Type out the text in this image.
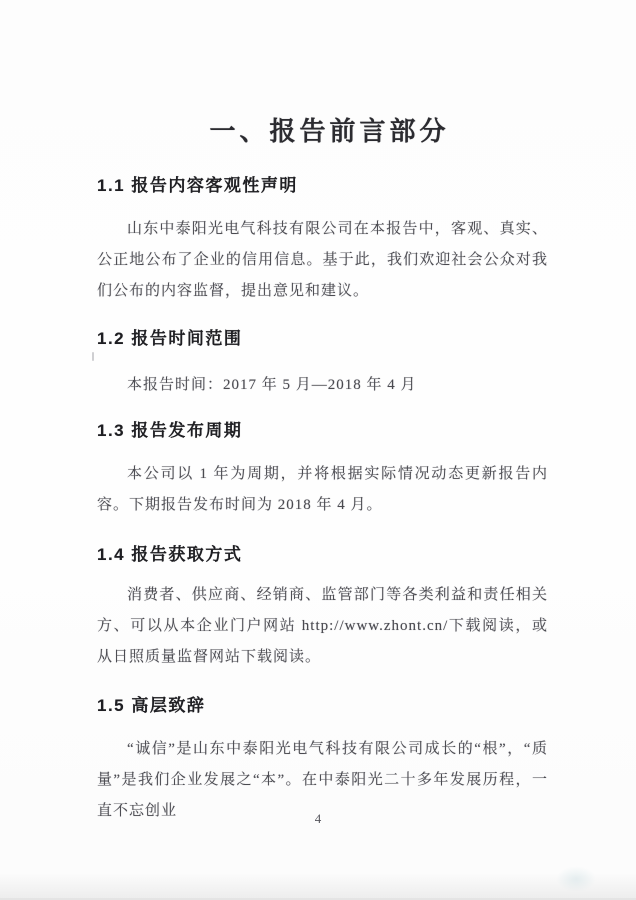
一、报告前言部分
1.1 报告内容客观性声明

山东中泰阳光电气科技有限公司在本报告中，客观、真实、公正地公布了企业的信用信息。基于此，我们欢迎社会公众对我们公布的内容监督，提出意见和建议。

1.2 报告时间范围

本报告时间：2017 年 5 月—2018 年 4 月

1.3 报告发布周期

本公司以 1 年为周期，并将根据实际情况动态更新报告内容。下期报告发布时间为 2018 年 4 月。

1.4 报告获取方式

消费者、供应商、经销商、监管部门等各类利益和责任相关方、可以从本企业门户网站 http://www.zhont.cn/下载阅读，或从日照质量监督网站下载阅读。

1.5 高层致辞

“诚信”是山东中泰阳光电气科技有限公司成长的“根”，“质量”是我们企业发展之“本”。在中泰阳光二十多年发展历程，一直不忘创业	4
